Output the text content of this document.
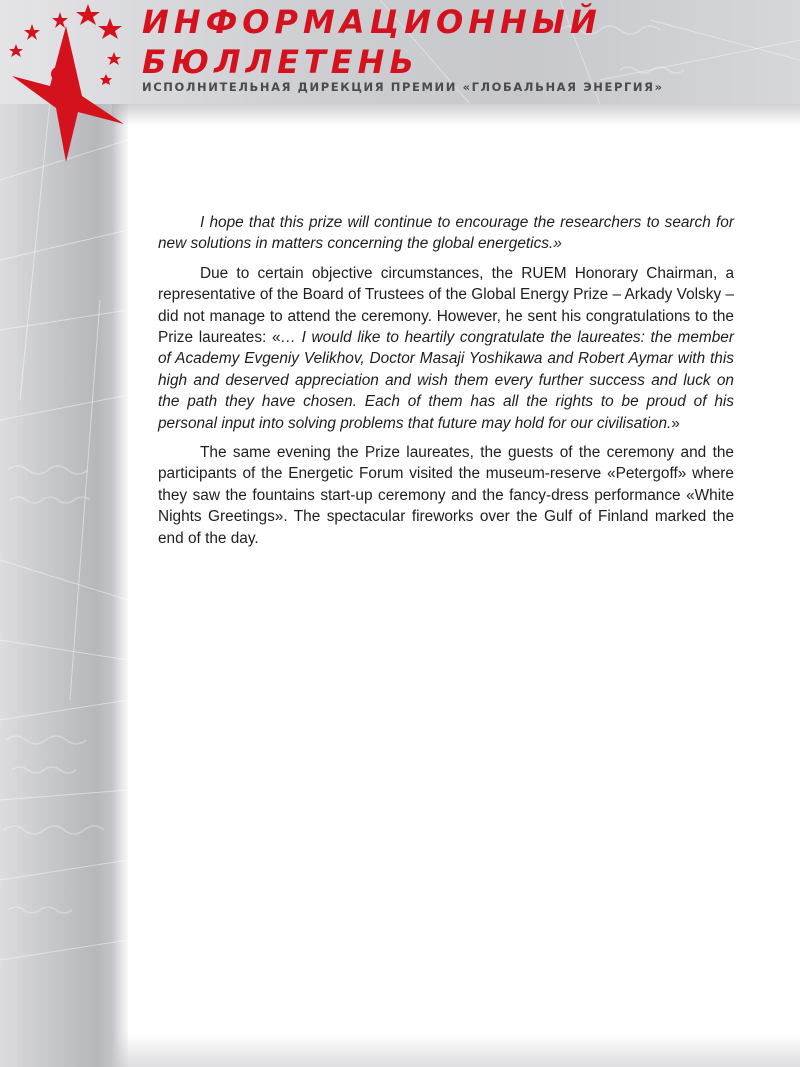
ИНФОРМАЦИОННЫЙ
БЮЛЛЕТЕНЬ
ИСПОЛНИТЕЛЬНАЯ ДИРЕКЦИЯ ПРЕМИИ «ГЛОБАЛЬНАЯ ЭНЕРГИЯ»

I hope that this prize will continue to encourage the researchers to search for new solutions in matters concerning the global energetics.»

Due to certain objective circumstances, the RUEM Honorary Chairman, a representative of the Board of Trustees of the Global Energy Prize – Arkady Volsky – did not manage to attend the ceremony. However, he sent his congratulations to the Prize laureates: «… I would like to heartily congratulate the laureates: the member of Academy Evgeniy Velikhov, Doctor Masaji Yoshikawa and Robert Aymar with this high and deserved appreciation and wish them every further success and luck on the path they have chosen. Each of them has all the rights to be proud of his personal input into solving problems that future may hold for our civilisation.»

The same evening the Prize laureates, the guests of the ceremony and the participants of the Energetic Forum visited the museum-reserve «Petergoff» where they saw the fountains start-up ceremony and the fancy-dress performance «White Nights Greetings». The spectacular fireworks over the Gulf of Finland marked the end of the day.
